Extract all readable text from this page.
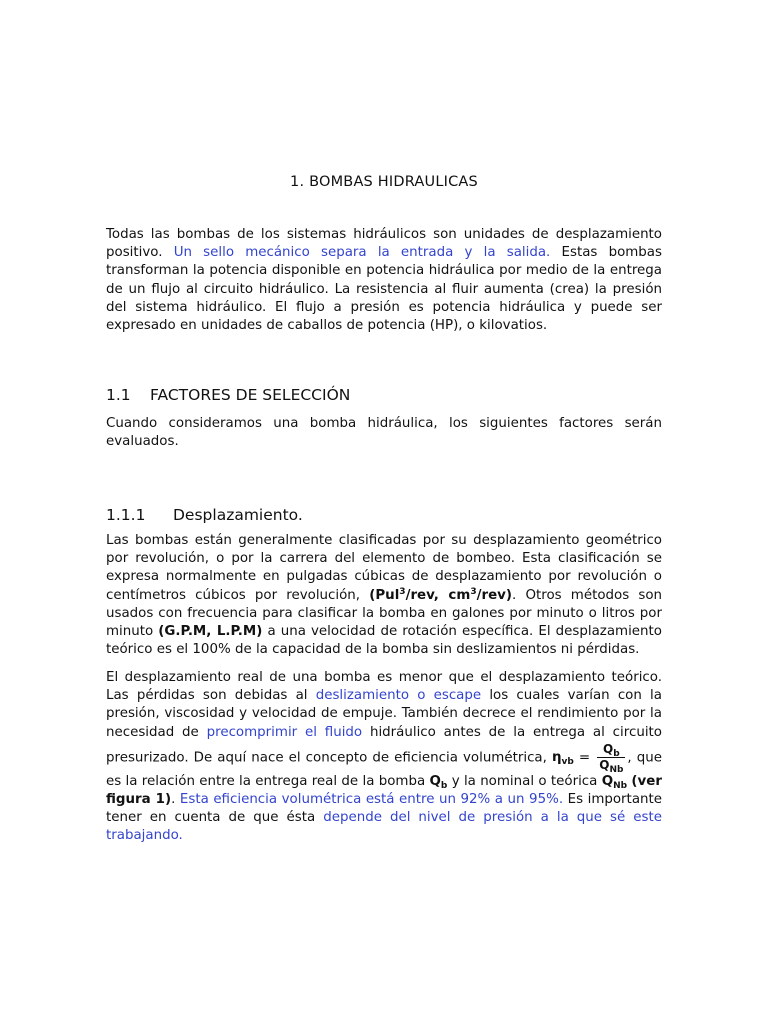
1. BOMBAS HIDRAULICAS

Todas las bombas de los sistemas hidráulicos son unidades de desplazamiento positivo. Un sello mecánico separa la entrada y la salida. Estas bombas transforman la potencia disponible en potencia hidráulica por medio de la entrega de un flujo al circuito hidráulico. La resistencia al fluir aumenta (crea) la presión del sistema hidráulico. El flujo a presión es potencia hidráulica y puede ser expresado en unidades de caballos de potencia (HP), o kilovatios.

1.1 FACTORES DE SELECCIÓN

Cuando consideramos una bomba hidráulica, los siguientes factores serán evaluados.

1.1.1 Desplazamiento.

Las bombas están generalmente clasificadas por su desplazamiento geométrico por revolución, o por la carrera del elemento de bombeo. Esta clasificación se expresa normalmente en pulgadas cúbicas de desplazamiento por revolución o centímetros cúbicos por revolución, (Pul$^3$/rev, $cm^3/rev$). Otros métodos son usados con frecuencia para clasificar la bomba en galones por minuto o litros por minuto (G.P.M, L.P.M) a una velocidad de rotación específica. El desplazamiento teórico es el 100% de la capacidad de la bomba sin deslizamientos ni pérdidas.

El desplazamiento real de una bomba es menor que el desplazamiento teórico. Las pérdidas son debidas al deslizamiento o escape los cuales varían con la presión, viscosidad y velocidad de empuje. También decrece el rendimiento por la necesidad de precomprimir el fluido hidráulico antes de la entrega al circuito presurizado. De aquí nace el concepto de eficiencia volumétrica, $\eta_{vb} = \frac{Q_b}{Q_{Nb}}$ , que es la relación entre la entrega real de la bomba $Q_b$ y la nominal o teórica $Q_{Nb}$ (ver figura 1). Esta eficiencia volumétrica está entre un 92% a un 95%. Es importante tener en cuenta de que ésta depende del nivel de presión a la que sé este trabajando.
